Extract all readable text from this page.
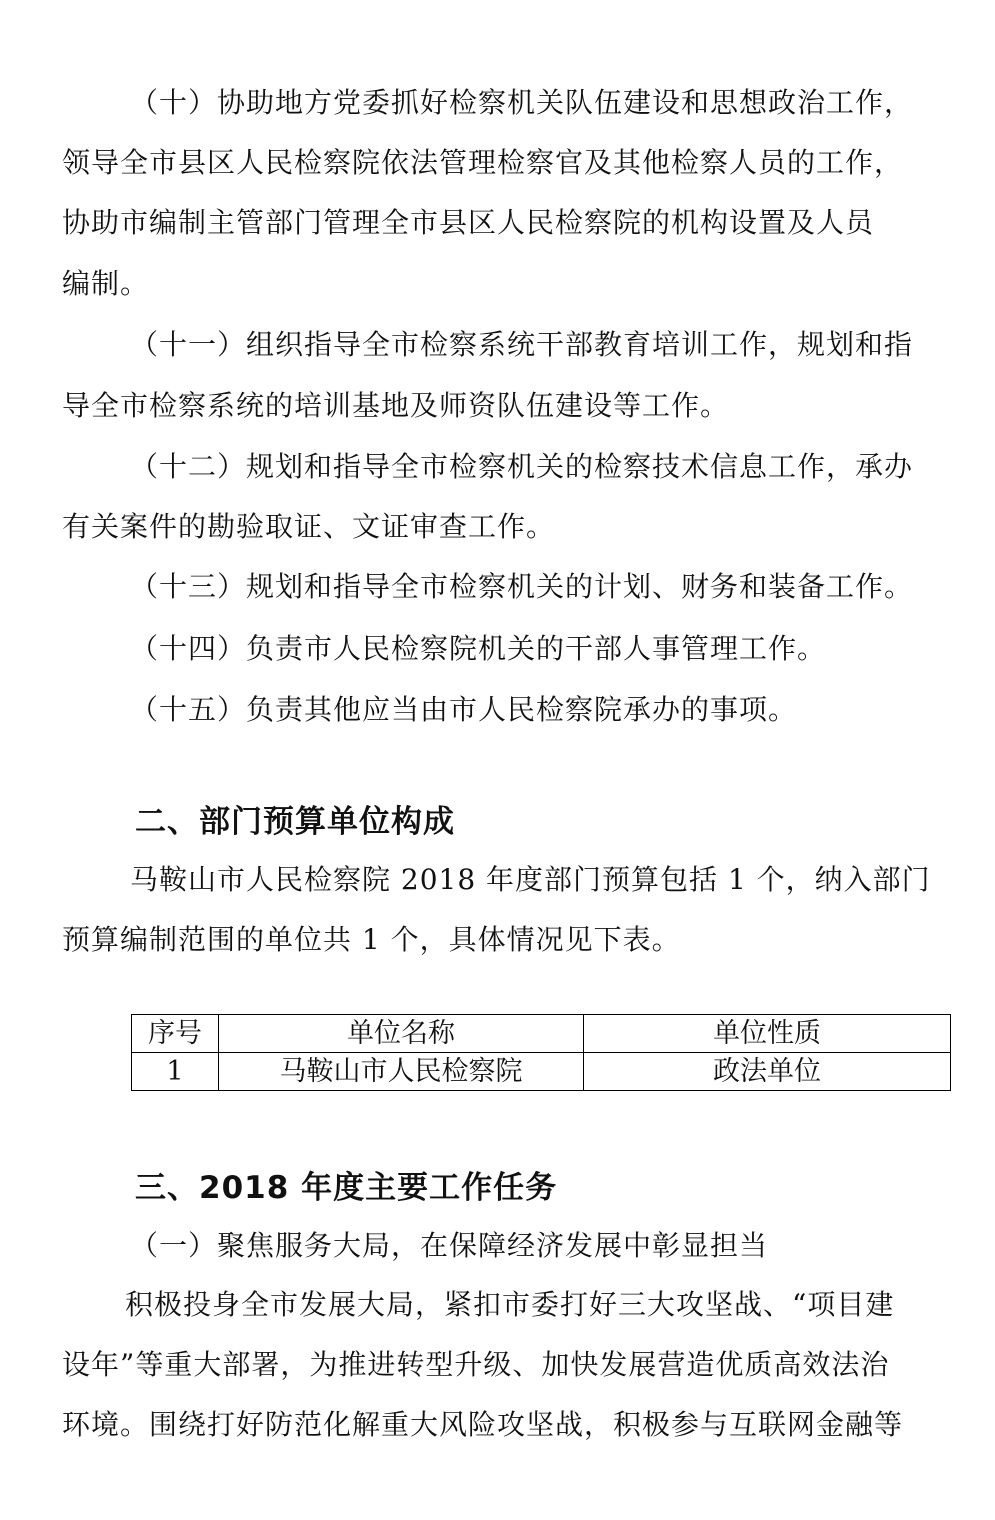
（十）协助地方党委抓好检察机关队伍建设和思想政治工作，

领导全市县区人民检察院依法管理检察官及其他检察人员的工作，

协助市编制主管部门管理全市县区人民检察院的机构设置及人员

编制。

（十一）组织指导全市检察系统干部教育培训工作，规划和指

导全市检察系统的培训基地及师资队伍建设等工作。

（十二）规划和指导全市检察机关的检察技术信息工作，承办

有关案件的勘验取证、文证审查工作。

（十三）规划和指导全市检察机关的计划、财务和装备工作。

（十四）负责市人民检察院机关的干部人事管理工作。

（十五）负责其他应当由市人民检察院承办的事项。

二、部门预算单位构成

马鞍山市人民检察院 2018 年度部门预算包括 1 个，纳入部门

预算编制范围的单位共 1 个，具体情况见下表。

序号	单位名称	单位性质
1	马鞍山市人民检察院	政法单位
三、2018 年度主要工作任务

（一）聚焦服务大局，在保障经济发展中彰显担当

积极投身全市发展大局，紧扣市委打好三大攻坚战、“项目建

设年”等重大部署，为推进转型升级、加快发展营造优质高效法治

环境。围绕打好防范化解重大风险攻坚战，积极参与互联网金融等
